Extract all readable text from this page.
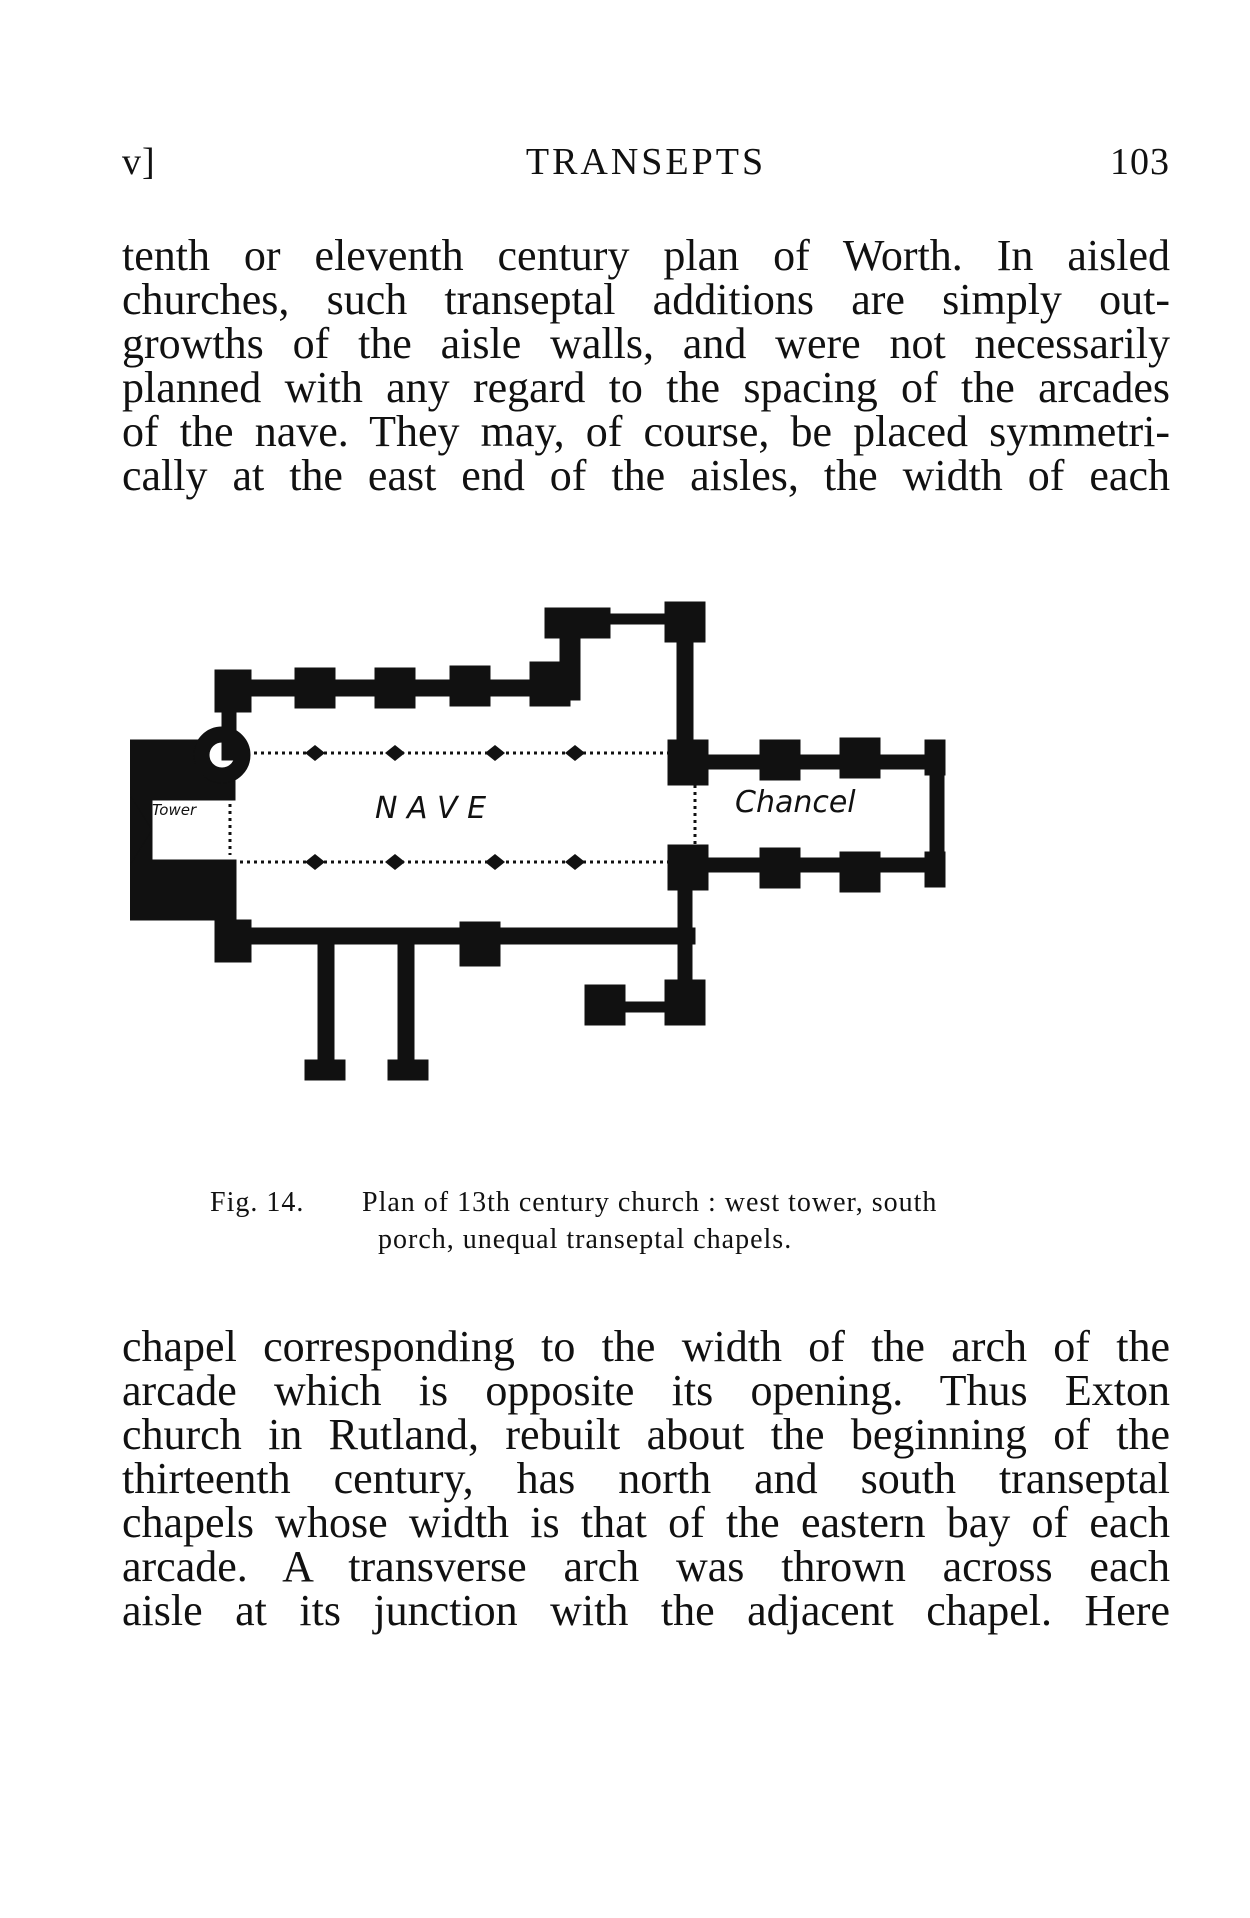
v]	TRANSEPTS	103
tenth or eleventh century plan of Worth. In aisled
churches, such transeptal additions are simply out-
growths of the aisle walls, and were not necessarily
planned with any regard to the spacing of the arcades
of the nave. They may, of course, be placed symmetri-
cally at the east end of the aisles, the width of each
Tower	N A V E	Chancel
Fig. 14. Plan of 13th century church : west tower, south
porch, unequal transeptal chapels.
chapel corresponding to the width of the arch of the
arcade which is opposite its opening. Thus Exton
church in Rutland, rebuilt about the beginning of the
thirteenth century, has north and south transeptal
chapels whose width is that of the eastern bay of each
arcade. A transverse arch was thrown across each
aisle at its junction with the adjacent chapel. Here
